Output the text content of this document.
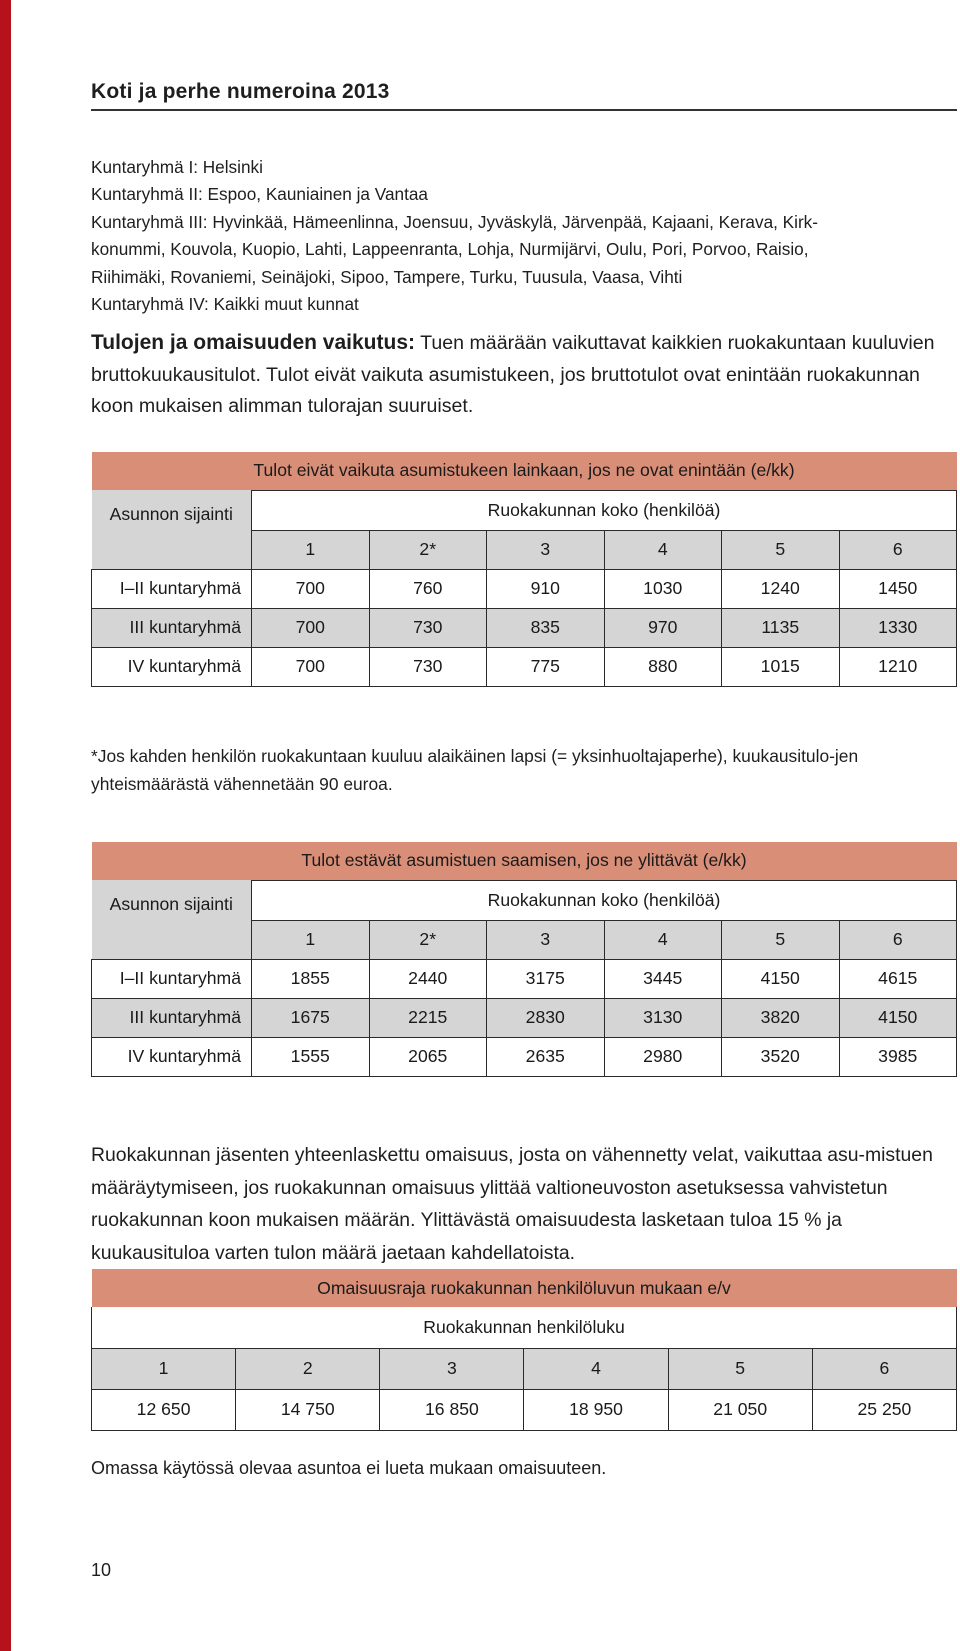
Koti ja perhe numeroina 2013

Kuntaryhmä I: Helsinki

Kuntaryhmä II: Espoo, Kauniainen ja Vantaa

Kuntaryhmä III: Hyvinkää, Hämeenlinna, Joensuu, Jyväskylä, Järvenpää, Kajaani, Kerava, Kirk-

konummi, Kouvola, Kuopio, Lahti, Lappeenranta, Lohja, Nurmijärvi, Oulu, Pori, Porvoo, Raisio,

Riihimäki, Rovaniemi, Seinäjoki, Sipoo, Tampere, Turku, Tuusula, Vaasa, Vihti

Kuntaryhmä IV: Kaikki muut kunnat

Tulojen ja omaisuuden vaikutus: Tuen määrään vaikuttavat kaikkien ruokakuntaan kuuluvien bruttokuukausitulot. Tulot eivät vaikuta asumistukeen, jos bruttotulot ovat enintään ruokakunnan koon mukaisen alimman tulorajan suuruiset.

Tulot eivät vaikuta asumistukeen lainkaan, jos ne ovat enintään (e/kk)						
Asunnon sijainti	Ruokakunnan koko (henkilöä)					
	1	2*	3	4	5	6
I–II kuntaryhmä	700	760	910	1030	1240	1450
III kuntaryhmä	700	730	835	970	1135	1330
IV kuntaryhmä	700	730	775	880	1015	1210

*Jos kahden henkilön ruokakuntaan kuuluu alaikäinen lapsi (= yksinhuoltajaperhe), kuukausitulo-jen yhteismäärästä vähennetään 90 euroa.

Tulot estävät asumistuen saamisen, jos ne ylittävät (e/kk)						
Asunnon sijainti	Ruokakunnan koko (henkilöä)					
	1	2*	3	4	5	6
I–II kuntaryhmä	1855	2440	3175	3445	4150	4615
III kuntaryhmä	1675	2215	2830	3130	3820	4150
IV kuntaryhmä	1555	2065	2635	2980	3520	3985

Ruokakunnan jäsenten yhteenlaskettu omaisuus, josta on vähennetty velat, vaikuttaa asu-mistuen määräytymiseen, jos ruokakunnan omaisuus ylittää valtioneuvoston asetuksessa vahvistetun ruokakunnan koon mukaisen määrän. Ylittävästä omaisuudesta lasketaan tuloa 15 % ja kuukausituloa varten tulon määrä jaetaan kahdellatoista.

Omaisuusraja ruokakunnan henkilöluvun mukaan e/v					
Ruokakunnan henkilöluku					
1	2	3	4	5	6
12 650	14 750	16 850	18 950	21 050	25 250

Omassa käytössä olevaa asuntoa ei lueta mukaan omaisuuteen.

10
